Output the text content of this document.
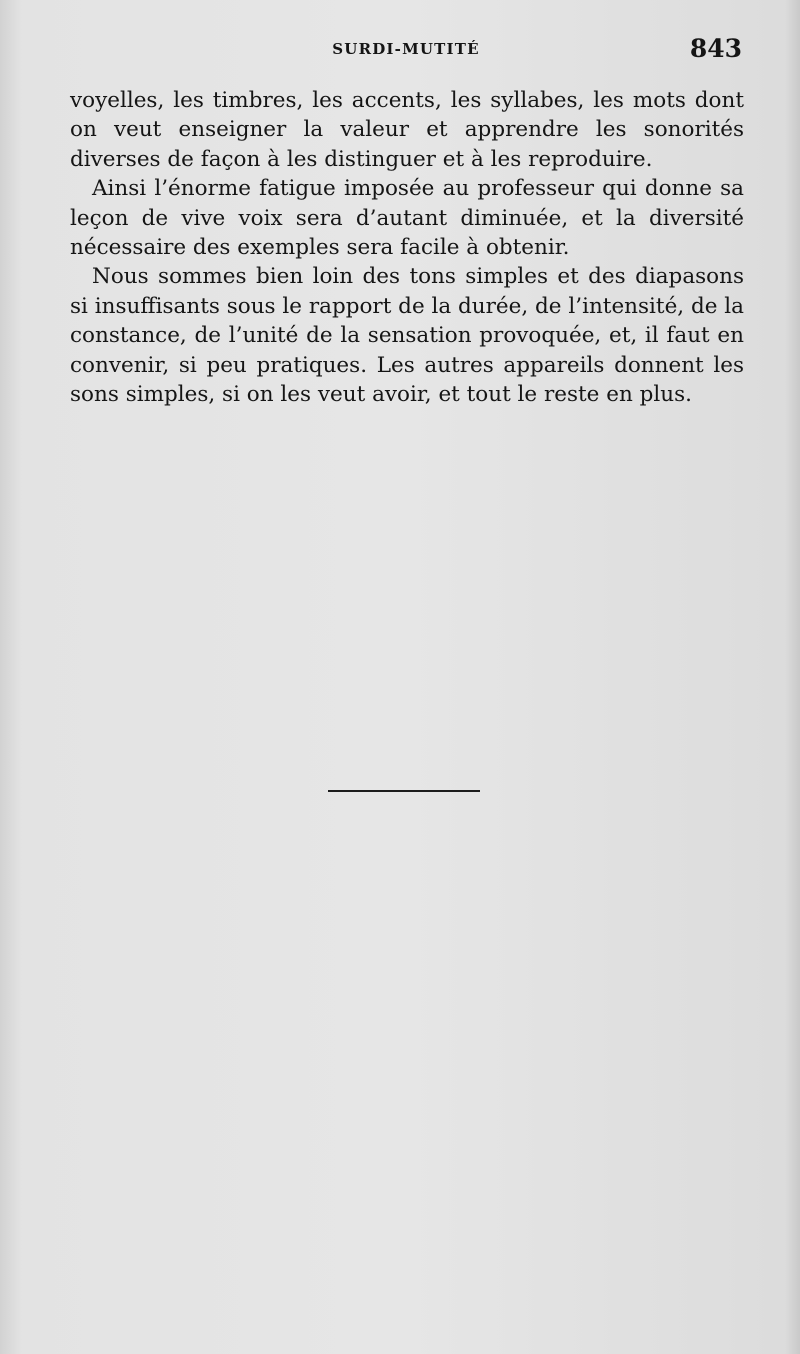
SURDI-MUTITÉ	843

voyelles, les timbres, les accents, les syllabes, les mots dont on veut enseigner la valeur et apprendre les sonorités diverses de façon à les distinguer et à les reproduire.

Ainsi l’énorme fatigue imposée au professeur qui donne sa leçon de vive voix sera d’autant diminuée, et la diversité nécessaire des exemples sera facile à obtenir.

Nous sommes bien loin des tons simples et des diapasons si insuffisants sous le rapport de la durée, de l’intensité, de la constance, de l’unité de la sensation provoquée, et, il faut en convenir, si peu pratiques. Les autres appareils donnent les sons simples, si on les veut avoir, et tout le reste en plus.
